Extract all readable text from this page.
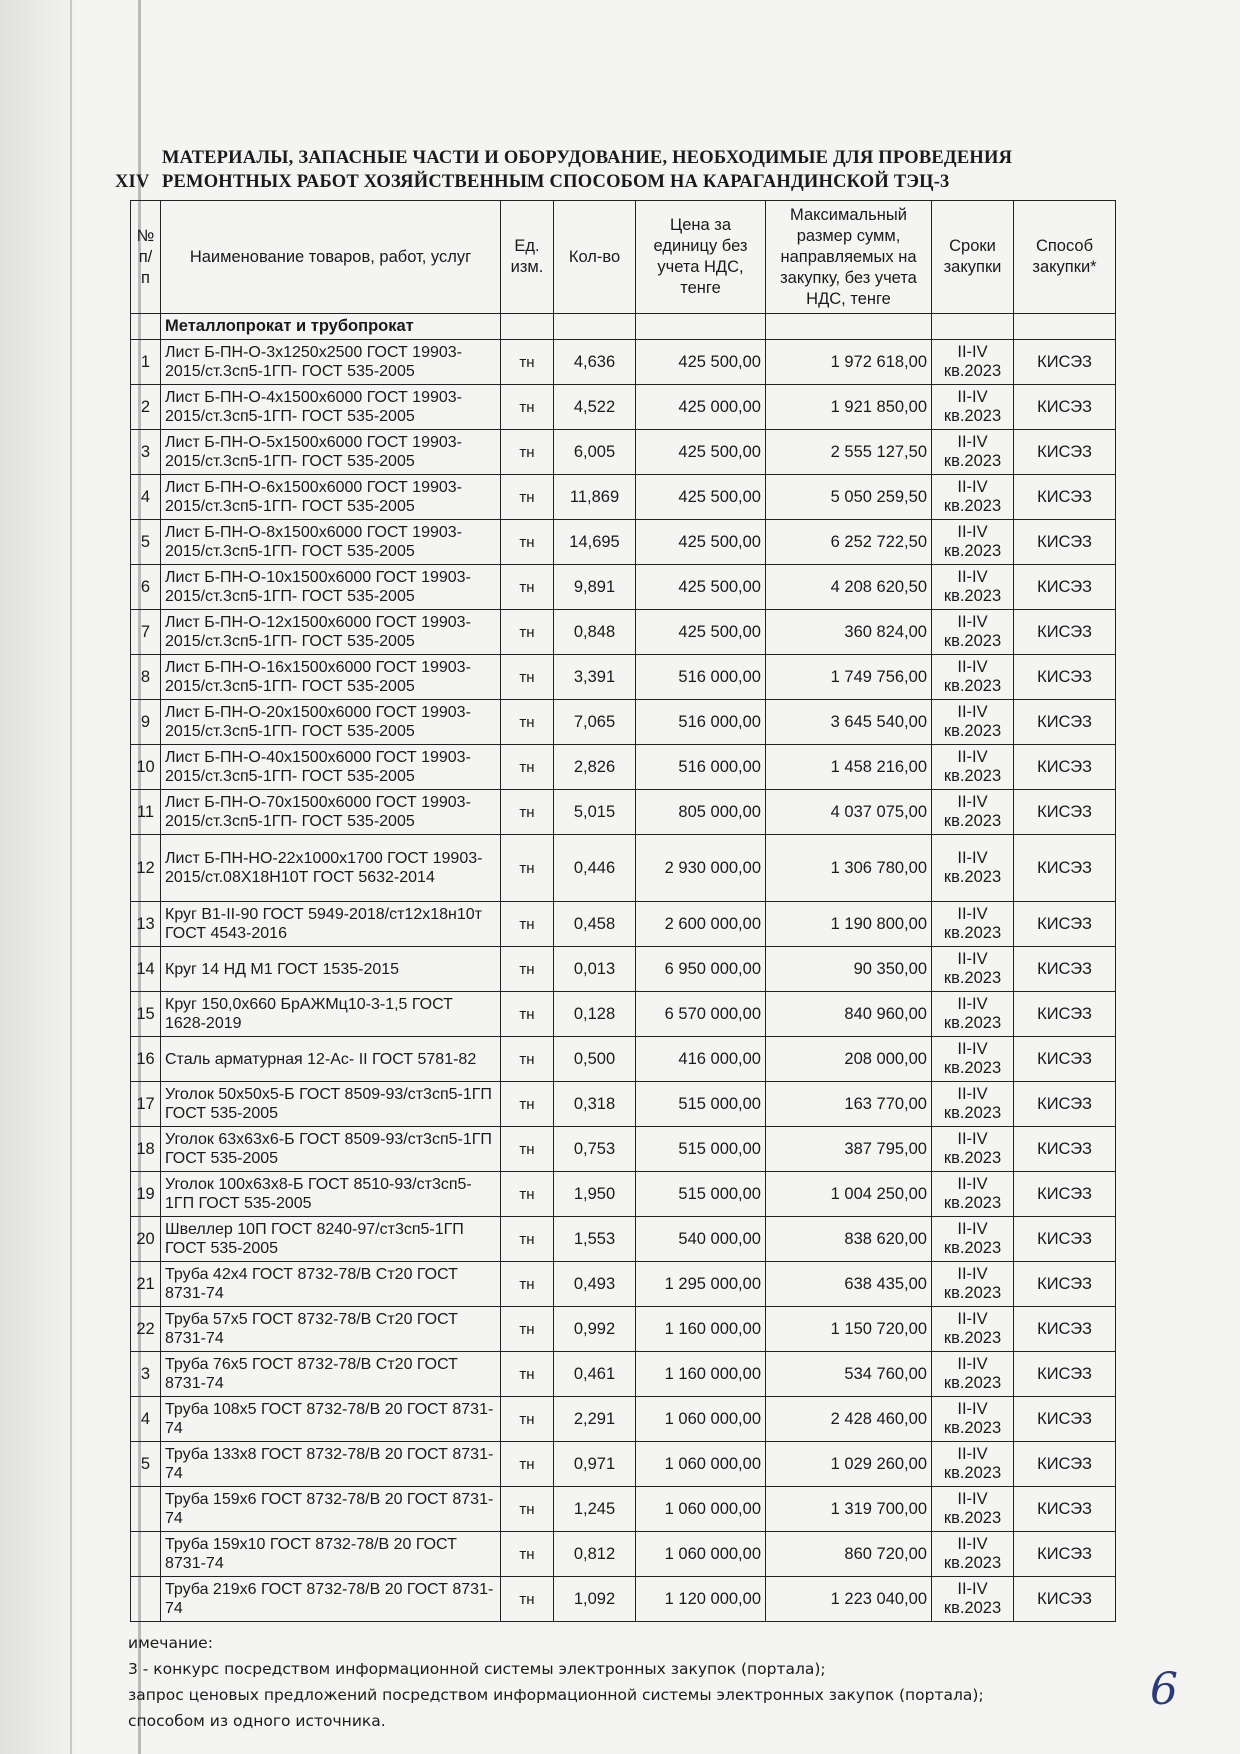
XIV
МАТЕРИАЛЫ, ЗАПАСНЫЕ ЧАСТИ И ОБОРУДОВАНИЕ, НЕОБХОДИМЫЕ ДЛЯ ПРОВЕДЕНИЯ
РЕМОНТНЫХ РАБОТ ХОЗЯЙСТВЕННЫМ СПОСОБОМ НА КАРАГАНДИНСКОЙ ТЭЦ-3
№ п/п	Наименование товаров, работ, услуг	Ед. изм.	Кол-во	Цена за единицу без учета НДС, тенге	Максимальный размер сумм, направляемых на закупку, без учета НДС, тенге	Сроки закупки	Способ закупки*
	Металлопрокат и трубопрокат						
1	Лист Б-ПН-О-3х1250х2500 ГОСТ 19903-2015/ст.3сп5-1ГП- ГОСТ 535-2005	тн	4,636	425 500,00	1 972 618,00	II-IV кв.2023	КИСЭЗ
2	Лист Б-ПН-О-4х1500х6000 ГОСТ 19903-2015/ст.3сп5-1ГП- ГОСТ 535-2005	тн	4,522	425 000,00	1 921 850,00	II-IV кв.2023	КИСЭЗ
3	Лист Б-ПН-О-5х1500х6000 ГОСТ 19903-2015/ст.3сп5-1ГП- ГОСТ 535-2005	тн	6,005	425 500,00	2 555 127,50	II-IV кв.2023	КИСЭЗ
4	Лист Б-ПН-О-6х1500х6000 ГОСТ 19903-2015/ст.3сп5-1ГП- ГОСТ 535-2005	тн	11,869	425 500,00	5 050 259,50	II-IV кв.2023	КИСЭЗ
5	Лист Б-ПН-О-8х1500х6000 ГОСТ 19903-2015/ст.3сп5-1ГП- ГОСТ 535-2005	тн	14,695	425 500,00	6 252 722,50	II-IV кв.2023	КИСЭЗ
6	Лист Б-ПН-О-10х1500х6000 ГОСТ 19903-2015/ст.3сп5-1ГП- ГОСТ 535-2005	тн	9,891	425 500,00	4 208 620,50	II-IV кв.2023	КИСЭЗ
7	Лист Б-ПН-О-12х1500х6000 ГОСТ 19903-2015/ст.3сп5-1ГП- ГОСТ 535-2005	тн	0,848	425 500,00	360 824,00	II-IV кв.2023	КИСЭЗ
8	Лист Б-ПН-О-16х1500х6000 ГОСТ 19903-2015/ст.3сп5-1ГП- ГОСТ 535-2005	тн	3,391	516 000,00	1 749 756,00	II-IV кв.2023	КИСЭЗ
9	Лист Б-ПН-О-20х1500х6000 ГОСТ 19903-2015/ст.3сп5-1ГП- ГОСТ 535-2005	тн	7,065	516 000,00	3 645 540,00	II-IV кв.2023	КИСЭЗ
10	Лист Б-ПН-О-40х1500х6000 ГОСТ 19903-2015/ст.3сп5-1ГП- ГОСТ 535-2005	тн	2,826	516 000,00	1 458 216,00	II-IV кв.2023	КИСЭЗ
11	Лист Б-ПН-О-70х1500х6000 ГОСТ 19903-2015/ст.3сп5-1ГП- ГОСТ 535-2005	тн	5,015	805 000,00	4 037 075,00	II-IV кв.2023	КИСЭЗ
12	Лист Б-ПН-НО-22х1000х1700 ГОСТ 19903-2015/ст.08Х18Н10Т ГОСТ 5632-2014	тн	0,446	2 930 000,00	1 306 780,00	II-IV кв.2023	КИСЭЗ
13	Круг В1-II-90 ГОСТ 5949-2018/ст12х18н10т ГОСТ 4543-2016	тн	0,458	2 600 000,00	1 190 800,00	II-IV кв.2023	КИСЭЗ
14	Круг 14 НД М1 ГОСТ 1535-2015	тн	0,013	6 950 000,00	90 350,00	II-IV кв.2023	КИСЭЗ
15	Круг 150,0х660 БрАЖМц10-3-1,5 ГОСТ 1628-2019	тн	0,128	6 570 000,00	840 960,00	II-IV кв.2023	КИСЭЗ
16	Сталь арматурная 12-Ас- II ГОСТ 5781-82	тн	0,500	416 000,00	208 000,00	II-IV кв.2023	КИСЭЗ
17	Уголок 50х50х5-Б ГОСТ 8509-93/ст3сп5-1ГП ГОСТ 535-2005	тн	0,318	515 000,00	163 770,00	II-IV кв.2023	КИСЭЗ
18	Уголок 63х63х6-Б ГОСТ 8509-93/ст3сп5-1ГП ГОСТ 535-2005	тн	0,753	515 000,00	387 795,00	II-IV кв.2023	КИСЭЗ
19	Уголок 100х63х8-Б ГОСТ 8510-93/ст3сп5-1ГП ГОСТ 535-2005	тн	1,950	515 000,00	1 004 250,00	II-IV кв.2023	КИСЭЗ
20	Швеллер 10П ГОСТ 8240-97/ст3сп5-1ГП ГОСТ 535-2005	тн	1,553	540 000,00	838 620,00	II-IV кв.2023	КИСЭЗ
21	Труба 42х4 ГОСТ 8732-78/В Ст20 ГОСТ 8731-74	тн	0,493	1 295 000,00	638 435,00	II-IV кв.2023	КИСЭЗ
22	Труба 57х5 ГОСТ 8732-78/В Ст20 ГОСТ 8731-74	тн	0,992	1 160 000,00	1 150 720,00	II-IV кв.2023	КИСЭЗ
3	Труба 76х5 ГОСТ 8732-78/В Ст20 ГОСТ 8731-74	тн	0,461	1 160 000,00	534 760,00	II-IV кв.2023	КИСЭЗ
4	Труба 108х5 ГОСТ 8732-78/В 20 ГОСТ 8731-74	тн	2,291	1 060 000,00	2 428 460,00	II-IV кв.2023	КИСЭЗ
5	Труба 133х8 ГОСТ 8732-78/В 20 ГОСТ 8731-74	тн	0,971	1 060 000,00	1 029 260,00	II-IV кв.2023	КИСЭЗ
	Труба 159х6 ГОСТ 8732-78/В 20 ГОСТ 8731-74	тн	1,245	1 060 000,00	1 319 700,00	II-IV кв.2023	КИСЭЗ
	Труба 159х10 ГОСТ 8732-78/В 20 ГОСТ 8731-74	тн	0,812	1 060 000,00	860 720,00	II-IV кв.2023	КИСЭЗ
	Труба 219х6 ГОСТ 8732-78/В 20 ГОСТ 8731-74	тн	1,092	1 120 000,00	1 223 040,00	II-IV кв.2023	КИСЭЗ
имечание:
3 - конкурс посредством информационной системы электронных закупок (портала);
запрос ценовых предложений посредством информационной системы электронных закупок (портала);
способом из одного источника.
6
